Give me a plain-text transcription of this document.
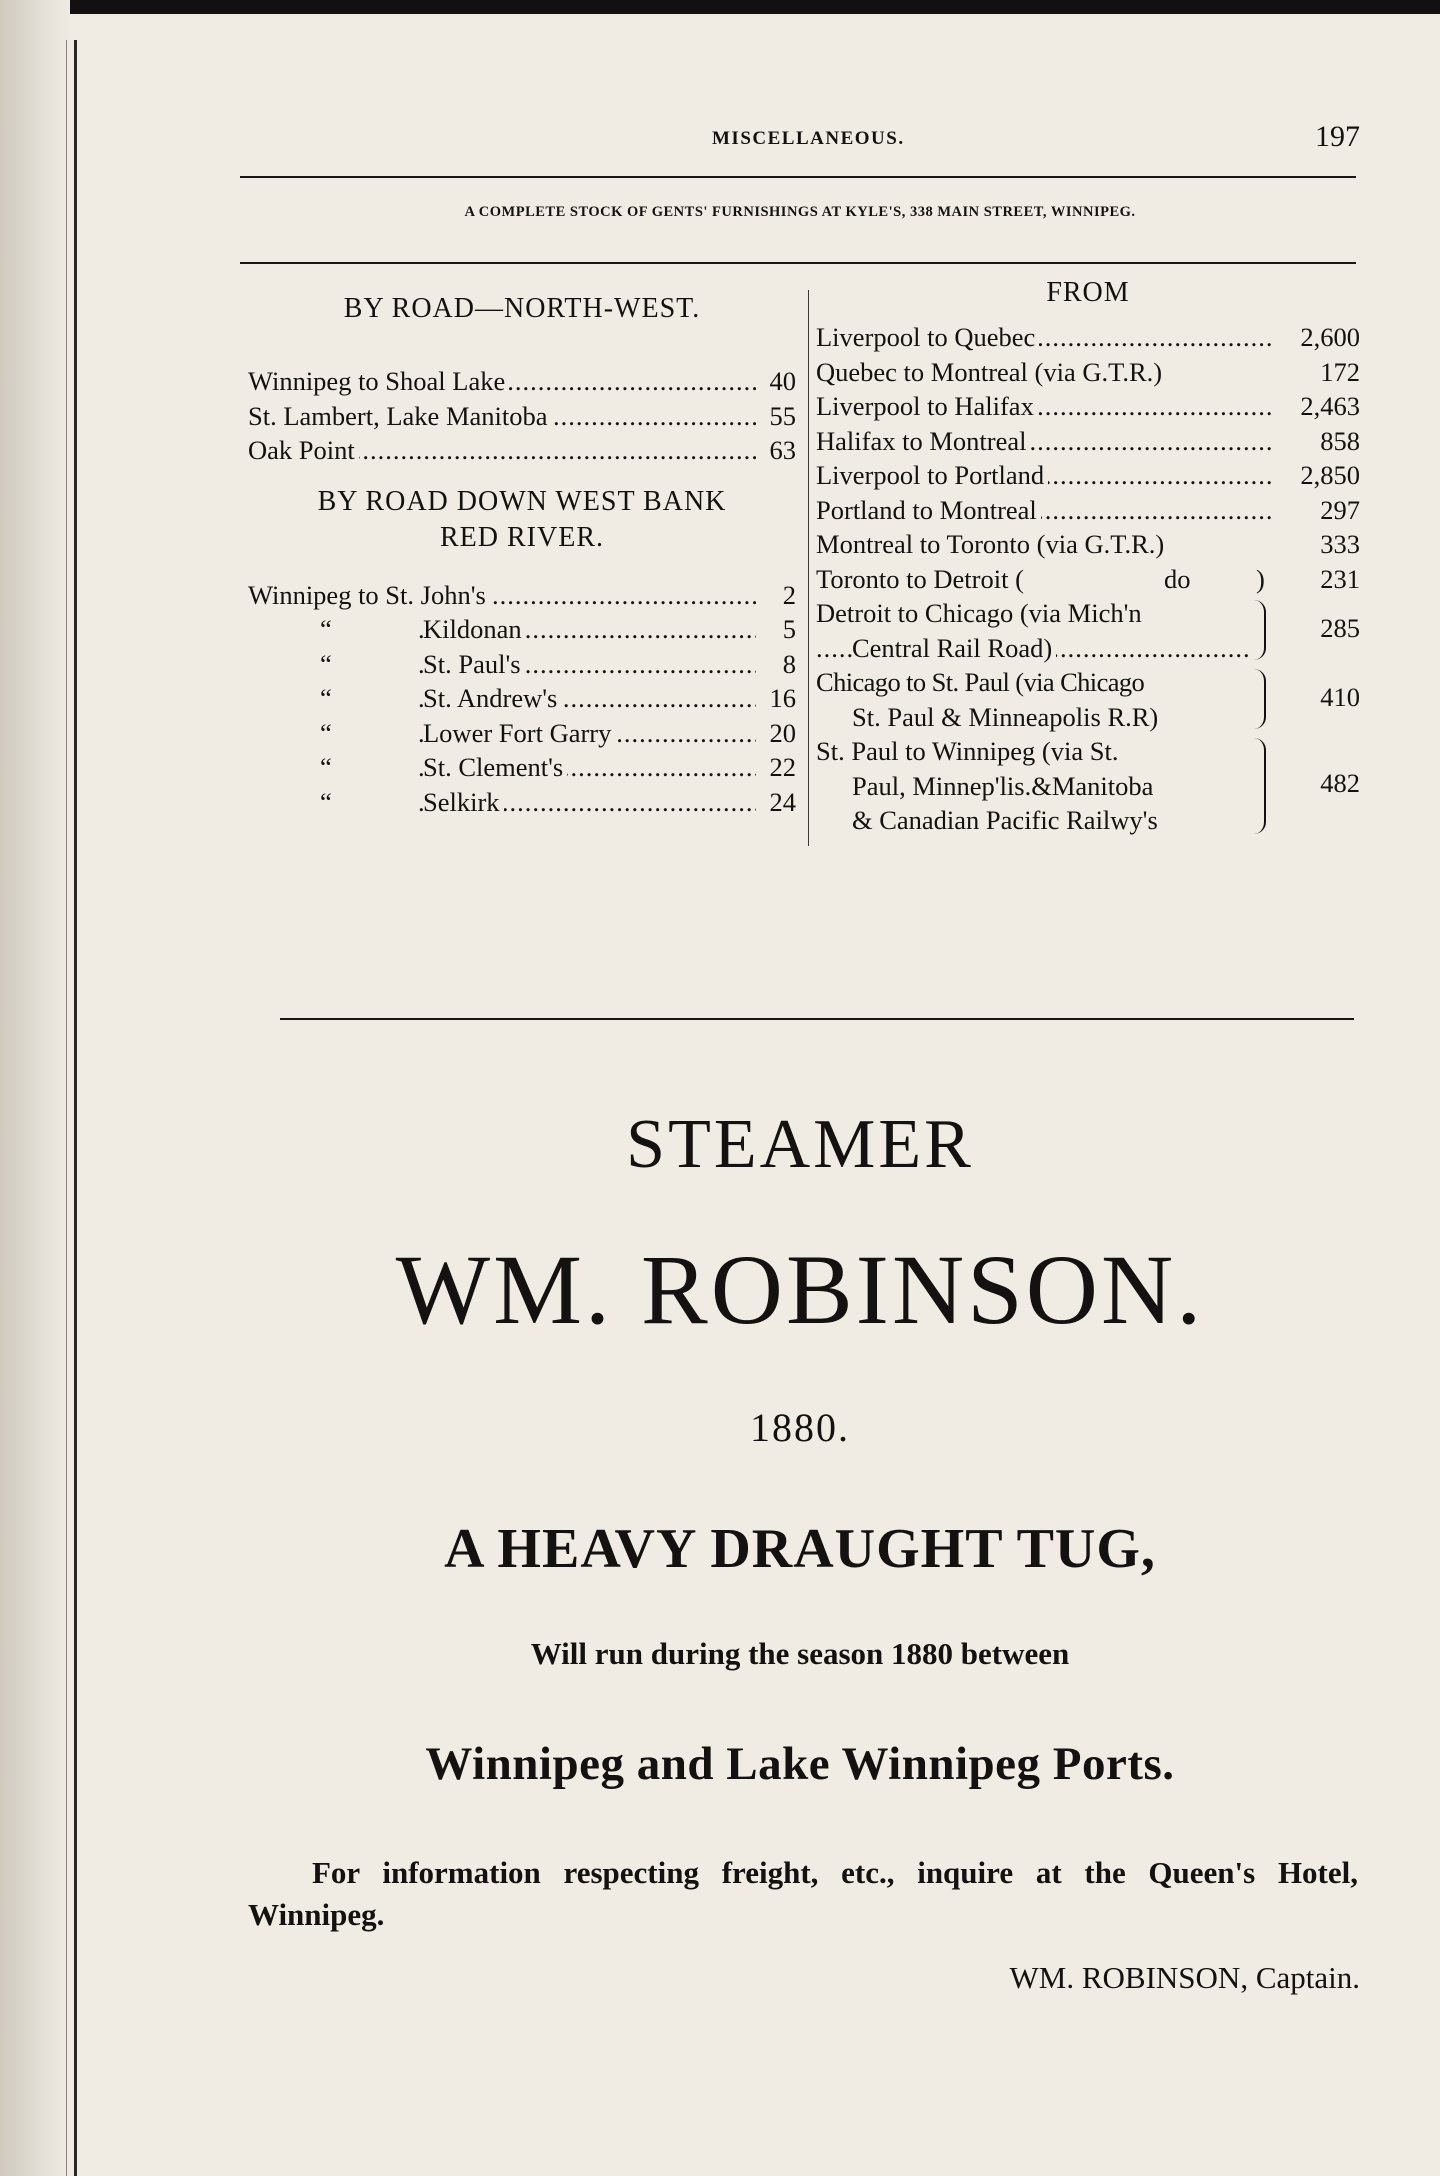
MISCELLANEOUS.	197
A COMPLETE STOCK OF GENTS' FURNISHINGS AT KYLE'S, 338 MAIN STREET, WINNIPEG.
BY ROAD—NORTH-WEST.
.....
Winnipeg to Shoal Lake	40
.....
St. Lambert, Lake Manitoba	55
.....
Oak Point	63
BY ROAD DOWN WEST BANK
RED RIVER.
.....
Winnipeg to St. John's	2
.....
“	Kildonan	5
.....
“	St. Paul's	8
.....
“	St. Andrew's	16
.....
“	Lower Fort Garry	20
.....
“	St. Clement's	22
.....
“	Selkirk	24
FROM
.....
Liverpool to Quebec	2,600
Quebec to Montreal (via G.T.R.)	172
.....
Liverpool to Halifax	2,463
.....
Halifax to Montreal	858
.....
Liverpool to Portland	2,850
.....
Portland to Montreal	297
Montreal to Toronto (via G.T.R.)	333
Toronto to Detroit (	do ) 231
Detroit to Chicago (via Mich'n
.....
Central Rail Road)
285
Chicago to St. Paul (via Chicago
St. Paul & Minneapolis R.R)
410
St. Paul to Winnipeg (via St.
Paul, Minnep'lis.&Manitoba
& Canadian Pacific Railwy's
482
STEAMER
WM. ROBINSON.
1880.
A HEAVY DRAUGHT TUG,
Will run during the season 1880 between
Winnipeg and Lake Winnipeg Ports.
For information respecting freight, etc., inquire at the Queen's Hotel, Winnipeg.
WM. ROBINSON, Captain.
